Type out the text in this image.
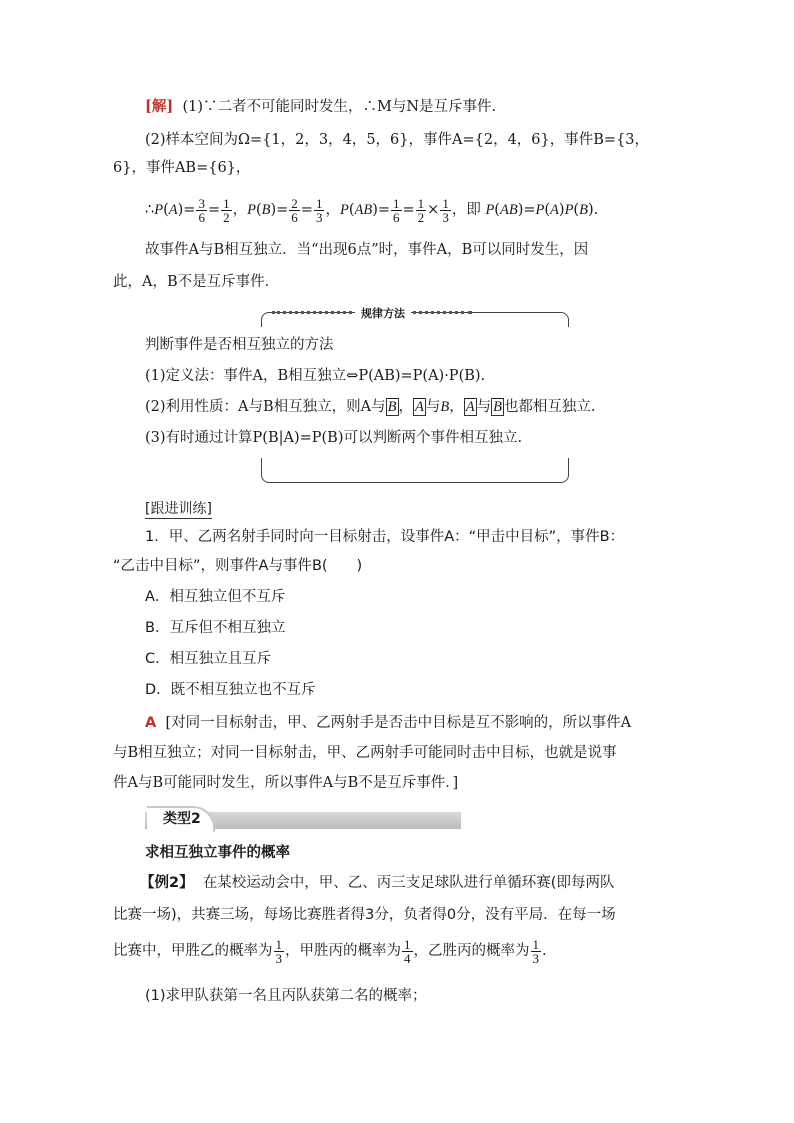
[解] (1)∵二者不可能同时发生，∴M与N是互斥事件.
(2)样本空间为Ω={1，2，3，4，5，6}，事件A={2，4，6}，事件B={3，
6}，事件AB={6}，
∴P(A)= $\frac{3}{6} = \frac{1}{2}$ ，$P(B)= \frac{2}{6} = \frac{1}{3}$ ，$P(AB)= \frac{1}{6} = \frac{1}{2} \times \frac{1}{3}$ ，即 P(AB)=P(A)P(B).
故事件A与B相互独立．当“出现6点”时，事件A，B可以同时发生，因
此，A，B不是互斥事件．
规律方法
判断事件是否相互独立的方法
(1)定义法：事件A，B相互独立⇔P(AB)=P(A)·P(B).
(2)利用性质：A与B相互独立，则A与 $\overline{B}$ ， $\overline{A}$ 与B， $\overline{A}$ 与 $\overline{B}$ 也都相互独立.
(3)有时通过计算P(B|A)=P(B)可以判断两个事件相互独立.
[跟进训练]
1．甲、乙两名射手同时向一目标射击，设事件A：“甲击中目标”，事件B：
“乙击中目标”，则事件A与事件B(　　)
A．相互独立但不互斥
B．互斥但不相互独立
C．相互独立且互斥
D．既不相互独立也不互斥
A [对同一目标射击，甲、乙两射手是否击中目标是互不影响的，所以事件A
与B相互独立；对同一目标射击，甲、乙两射手可能同时击中目标，也就是说事
件A与B可能同时发生，所以事件A与B不是互斥事件．]
类型2
求相互独立事件的概率
【例2】 在某校运动会中，甲、乙、丙三支足球队进行单循环赛(即每两队
比赛一场)，共赛三场，每场比赛胜者得3分，负者得0分，没有平局．在每一场
比赛中，甲胜乙的概率为 $\frac{1}{3}$ ，甲胜丙的概率为 $\frac{1}{4}$ ，乙胜丙的概率为 $\frac{1}{3}$ .
(1)求甲队获第一名且丙队获第二名的概率；
